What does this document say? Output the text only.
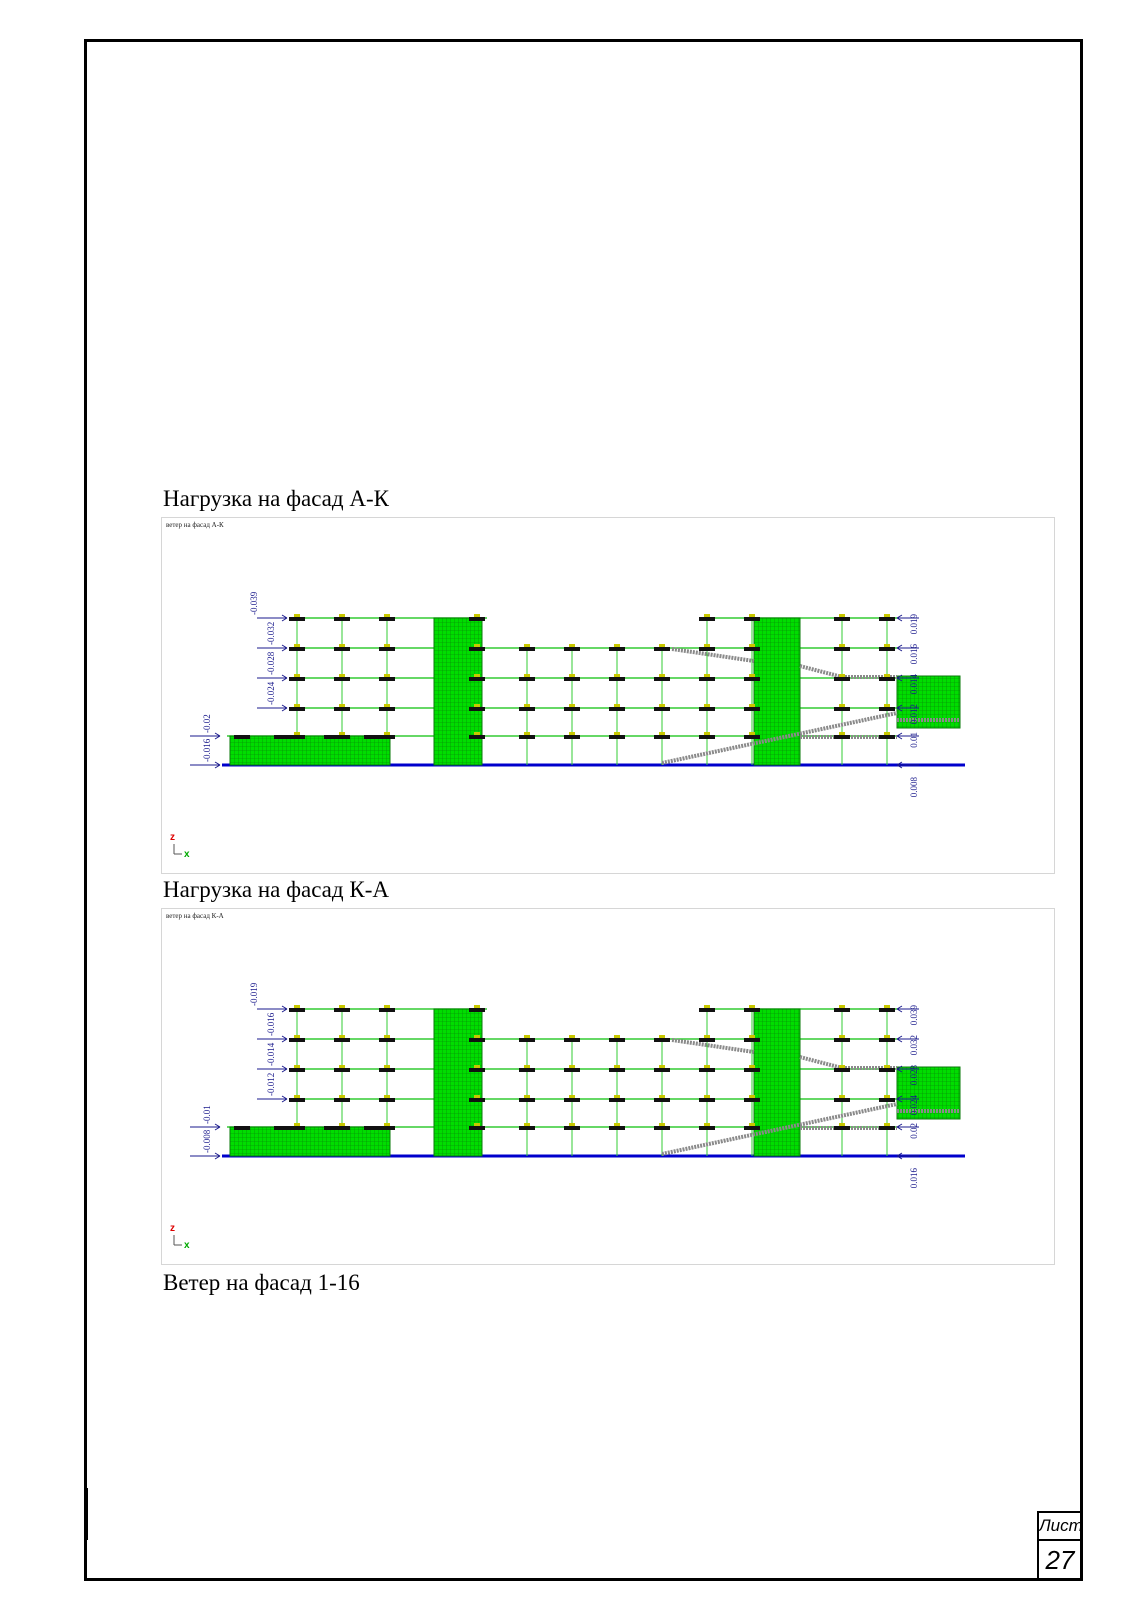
Нагрузка на фасад А-К
ветер на фасад А-К
-0.039
-0.032
-0.028
-0.024
-0.02
-0.016
0.019
0.016
0.014
0.012
0.01
0.008
z
x
Нагрузка на фасад К-А
ветер на фасад К-А
-0.019
-0.016
-0.014
-0.012
-0.01
-0.008
0.039
0.032
0.028
0.024
0.02
0.016
z
x
Ветер на фасад 1-16
Лист
27
